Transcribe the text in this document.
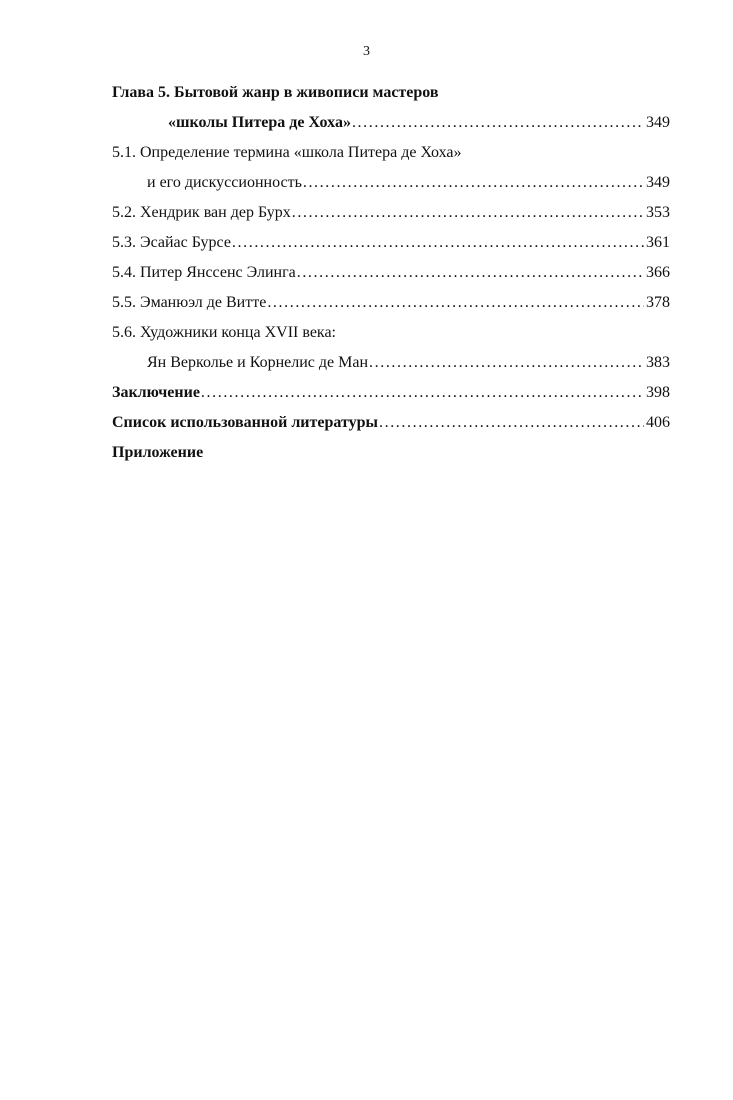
3
Глава 5. Бытовой жанр в живописи мастеров
«школы Питера де Хоха» .....	349
5.1. Определение термина «школа Питера де Хоха»
и его дискуссионность .....	349
5.2. Хендрик ван дер Бурх .....	353
5.3. Эсайас Бурсе .....	361
5.4. Питер Янссенс Элинга .....	366
5.5. Эманюэл де Витте .....	378
5.6. Художники конца XVII века:
Ян Верколье и Корнелис де Ман .....	383
Заключение .....	398
Список использованной литературы .....	406
Приложение
